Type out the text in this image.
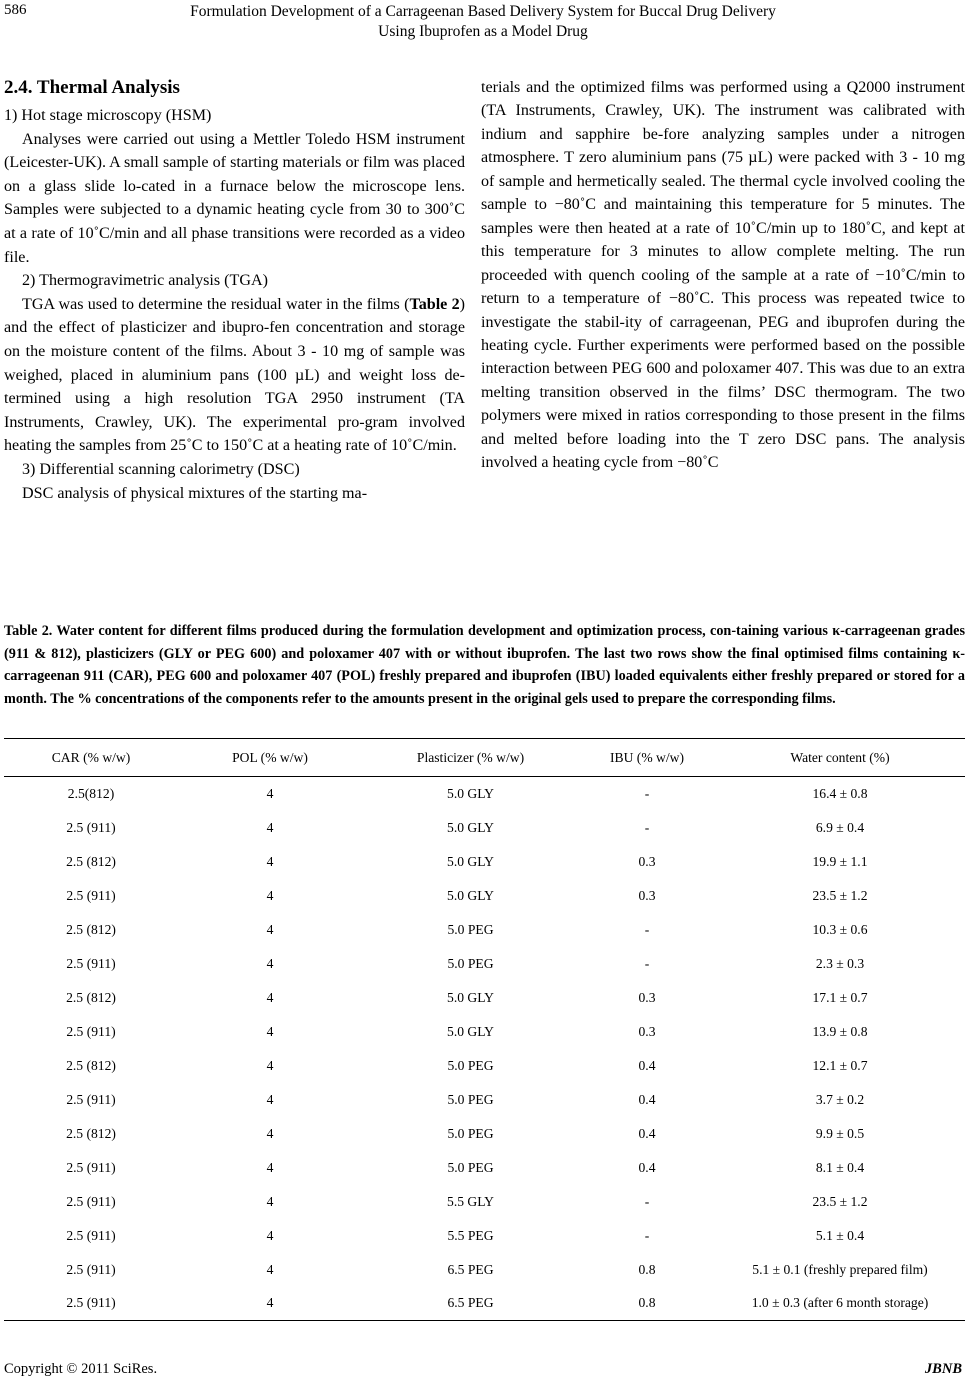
586	Formulation Development of a Carrageenan Based Delivery System for Buccal Drug Delivery
Using Ibuprofen as a Model Drug
2.4. Thermal Analysis
1) Hot stage microscopy (HSM)

Analyses were carried out using a Mettler Toledo HSM instrument (Leicester-UK). A small sample of starting materials or film was placed on a glass slide lo-cated in a furnace below the microscope lens. Samples were subjected to a dynamic heating cycle from 30 to 300˚C at a rate of 10˚C/min and all phase transitions were recorded as a video file.

2) Thermogravimetric analysis (TGA)

TGA was used to determine the residual water in the films (Table 2) and the effect of plasticizer and ibupro-fen concentration and storage on the moisture content of the films. About 3 - 10 mg of sample was weighed, placed in aluminium pans (100 µL) and weight loss de-termined using a high resolution TGA 2950 instrument (TA Instruments, Crawley, UK). The experimental pro-gram involved heating the samples from 25˚C to 150˚C at a heating rate of 10˚C/min.

3) Differential scanning calorimetry (DSC)

DSC analysis of physical mixtures of the starting ma-

terials and the optimized films was performed using a Q2000 instrument (TA Instruments, Crawley, UK). The instrument was calibrated with indium and sapphire be-fore analyzing samples under a nitrogen atmosphere. T zero aluminium pans (75 µL) were packed with 3 - 10 mg of sample and hermetically sealed. The thermal cycle involved cooling the sample to −80˚C and maintaining this temperature for 5 minutes. The samples were then heated at a rate of 10˚C/min up to 180˚C, and kept at this temperature for 3 minutes to allow complete melting. The run proceeded with quench cooling of the sample at a rate of −10˚C/min to return to a temperature of −80˚C. This process was repeated twice to investigate the stabil-ity of carrageenan, PEG and ibuprofen during the heating cycle. Further experiments were performed based on the possible interaction between PEG 600 and poloxamer 407. This was due to an extra melting transition observed in the films’ DSC thermogram. The two polymers were mixed in ratios corresponding to those present in the films and melted before loading into the T zero DSC pans. The analysis involved a heating cycle from −80˚C

Table 2. Water content for different films produced during the formulation development and optimization process, con-taining various κ-carrageenan grades (911 & 812), plasticizers (GLY or PEG 600) and poloxamer 407 with or without ibuprofen. The last two rows show the final optimised films containing κ-carrageenan 911 (CAR), PEG 600 and poloxamer 407 (POL) freshly prepared and ibuprofen (IBU) loaded equivalents either freshly prepared or stored for a month. The % concentrations of the components refer to the amounts present in the original gels used to prepare the corresponding films.
CAR (% w/w)	POL (% w/w)	Plasticizer (% w/w)	IBU (% w/w)	Water content (%)
2.5(812)	4	5.0 GLY	-	16.4 ± 0.8
2.5 (911)	4	5.0 GLY	-	6.9 ± 0.4
2.5 (812)	4	5.0 GLY	0.3	19.9 ± 1.1
2.5 (911)	4	5.0 GLY	0.3	23.5 ± 1.2
2.5 (812)	4	5.0 PEG	-	10.3 ± 0.6
2.5 (911)	4	5.0 PEG	-	2.3 ± 0.3
2.5 (812)	4	5.0 GLY	0.3	17.1 ± 0.7
2.5 (911)	4	5.0 GLY	0.3	13.9 ± 0.8
2.5 (812)	4	5.0 PEG	0.4	12.1 ± 0.7
2.5 (911)	4	5.0 PEG	0.4	3.7 ± 0.2
2.5 (812)	4	5.0 PEG	0.4	9.9 ± 0.5
2.5 (911)	4	5.0 PEG	0.4	8.1 ± 0.4
2.5 (911)	4	5.5 GLY	-	23.5 ± 1.2
2.5 (911)	4	5.5 PEG	-	5.1 ± 0.4
2.5 (911)	4	6.5 PEG	0.8	5.1 ± 0.1 (freshly prepared film)
2.5 (911)	4	6.5 PEG	0.8	1.0 ± 0.3 (after 6 month storage)
Copyright © 2011 SciRes.	JBNB
